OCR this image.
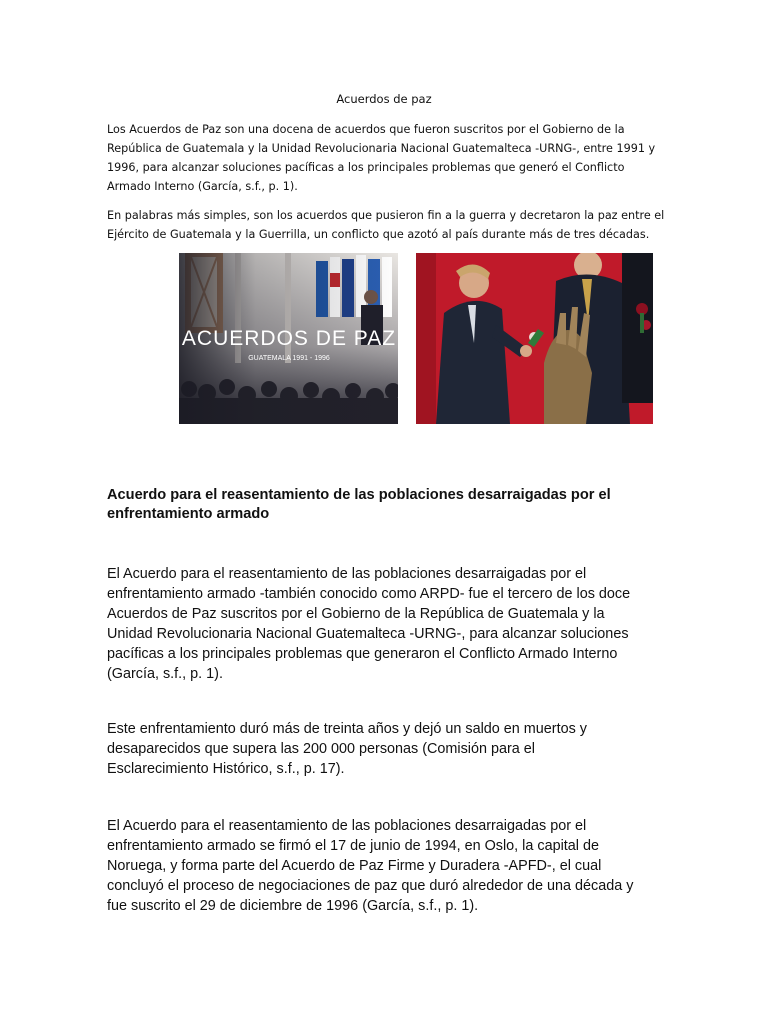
Acuerdos de paz

Los Acuerdos de Paz son una docena de acuerdos que fueron suscritos por el Gobierno de la
República de Guatemala y la Unidad Revolucionaria Nacional Guatemalteca -URNG-, entre 1991 y
1996, para alcanzar soluciones pacíficas a los principales problemas que generó el Conflicto
Armado Interno (García, s.f., p. 1).

En palabras más simples, son los acuerdos que pusieron fin a la guerra y decretaron la paz entre el
Ejército de Guatemala y la Guerrilla, un conflicto que azotó al país durante más de tres décadas.

ACUERDOS DE PAZ
GUATEMALA 1991 - 1996

Acuerdo para el reasentamiento de las poblaciones desarraigadas por el
enfrentamiento armado

El Acuerdo para el reasentamiento de las poblaciones desarraigadas por el
enfrentamiento armado -también conocido como ARPD- fue el tercero de los doce
Acuerdos de Paz suscritos por el Gobierno de la República de Guatemala y la
Unidad Revolucionaria Nacional Guatemalteca -URNG-, para alcanzar soluciones
pacíficas a los principales problemas que generaron el Conflicto Armado Interno
(García, s.f., p. 1).

Este enfrentamiento duró más de treinta años y dejó un saldo en muertos y
desaparecidos que supera las 200 000 personas (Comisión para el
Esclarecimiento Histórico, s.f., p. 17).

El Acuerdo para el reasentamiento de las poblaciones desarraigadas por el
enfrentamiento armado se firmó el 17 de junio de 1994, en Oslo, la capital de
Noruega, y forma parte del Acuerdo de Paz Firme y Duradera -APFD-, el cual
concluyó el proceso de negociaciones de paz que duró alrededor de una década y
fue suscrito el 29 de diciembre de 1996 (García, s.f., p. 1).
